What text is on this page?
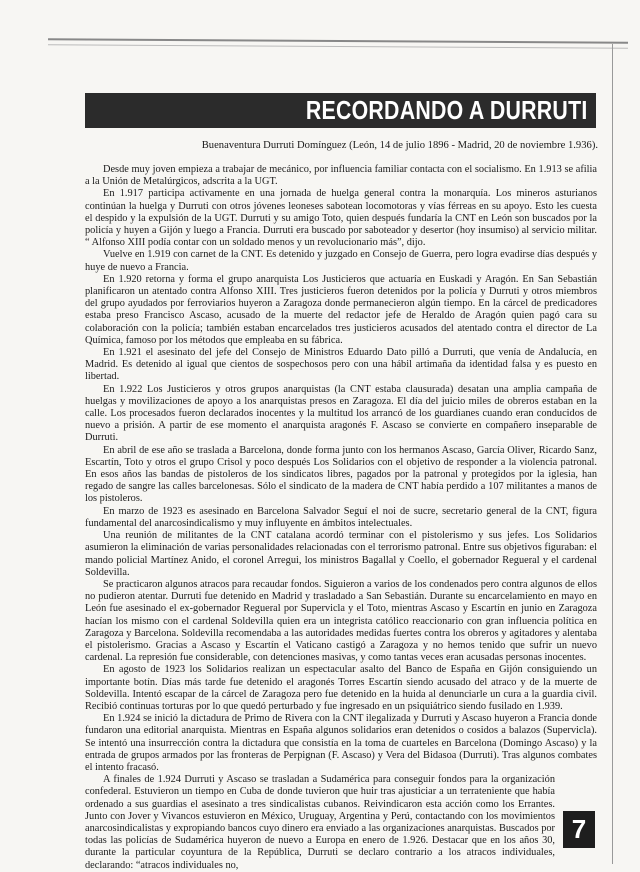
RECORDANDO A DURRUTI
Buenaventura Durruti Domínguez (León, 14 de julio 1896 - Madrid, 20 de noviembre 1.936).

Desde muy joven empieza a trabajar de mecánico, por influencia familiar contacta con el socialismo. En 1.913 se afilia a la Unión de Metalúrgicos, adscrita a la UGT.

En 1.917 participa activamente en una jornada de huelga general contra la monarquía. Los mineros asturianos continúan la huelga y Durruti con otros jóvenes leoneses sabotean locomotoras y vías férreas en su apoyo. Esto les cuesta el despido y la expulsión de la UGT. Durruti y su amigo Toto, quien después fundaría la CNT en León son buscados por la policía y huyen a Gijón y luego a Francia. Durruti era buscado por saboteador y desertor (hoy insumiso) al servicio militar. “ Alfonso XIII podía contar con un soldado menos y un revolucionario más”, dijo.

Vuelve en 1.919 con carnet de la CNT. Es detenido y juzgado en Consejo de Guerra, pero logra evadirse días después y huye de nuevo a Francia.

En 1.920 retorna y forma el grupo anarquista Los Justicieros que actuaría en Euskadi y Aragón. En San Sebastián planificaron un atentado contra Alfonso XIII. Tres justicieros fueron detenidos por la policía y Durruti y otros miembros del grupo ayudados por ferroviarios huyeron a Zaragoza donde permanecieron algún tiempo. En la cárcel de predicadores estaba preso Francisco Ascaso, acusado de la muerte del redactor jefe de Heraldo de Aragón quien pagó cara su colaboración con la policía; también estaban encarcelados tres justicieros acusados del atentado contra el director de La Química, famoso por los métodos que empleaba en su fábrica.

En 1.921 el asesinato del jefe del Consejo de Ministros Eduardo Dato pilló a Durruti, que venía de Andalucía, en Madrid. Es detenido al igual que cientos de sospechosos pero con una hábil artimaña da identidad falsa y es puesto en libertad.

En 1.922 Los Justicieros y otros grupos anarquistas (la CNT estaba clausurada) desatan una amplia campaña de huelgas y movilizaciones de apoyo a los anarquistas presos en Zaragoza. El día del juicio miles de obreros estaban en la calle. Los procesados fueron declarados inocentes y la multitud los arrancó de los guardianes cuando eran conducidos de nuevo a prisión. A partir de ese momento el anarquista aragonés F. Ascaso se convierte en compañero inseparable de Durruti.

En abril de ese año se traslada a Barcelona, donde forma junto con los hermanos Ascaso, García Oliver, Ricardo Sanz, Escartín, Toto y otros el grupo Crisol y poco después Los Solidarios con el objetivo de responder a la violencia patronal. En esos años las bandas de pistoleros de los sindicatos libres, pagados por la patronal y protegidos por la iglesia, han regado de sangre las calles barcelonesas. Sólo el sindicato de la madera de CNT había perdido a 107 militantes a manos de los pistoleros.

En marzo de 1923 es asesinado en Barcelona Salvador Seguí el noi de sucre, secretario general de la CNT, figura fundamental del anarcosindicalismo y muy influyente en ámbitos intelectuales.

Una reunión de militantes de la CNT catalana acordó terminar con el pistolerismo y sus jefes. Los Solidarios asumieron la eliminación de varias personalidades relacionadas con el terrorismo patronal. Entre sus objetivos figuraban: el mando policial Martínez Anido, el coronel Arregui, los ministros Bagallal y Coello, el gobernador Regueral y el cardenal Soldevilla.

Se practicaron algunos atracos para recaudar fondos. Siguieron a varios de los condenados pero contra algunos de ellos no pudieron atentar. Durruti fue detenido en Madrid y trasladado a San Sebastián. Durante su encarcelamiento en mayo en León fue asesinado el ex-gobernador Regueral por Supervicla y el Toto, mientras Ascaso y Escartín en junio en Zaragoza hacían los mismo con el cardenal Soldevilla quien era un integrista católico reaccionario con gran influencia política en Zaragoza y Barcelona. Soldevilla recomendaba a las autoridades medidas fuertes contra los obreros y agitadores y alentaba el pistolerismo. Gracias a Ascaso y Escartín el Vaticano castigó a Zaragoza y no hemos tenido que sufrir un nuevo cardenal. La represión fue considerable, con detenciones masivas, y como tantas veces eran acusadas personas inocentes.

En agosto de 1923 los Solidarios realizan un espectacular asalto del Banco de España en Gijón consiguiendo un importante botín. Días más tarde fue detenido el aragonés Torres Escartín siendo acusado del atraco y de la muerte de Soldevilla. Intentó escapar de la cárcel de Zaragoza pero fue detenido en la huida al denunciarle un cura a la guardia civil. Recibió continuas torturas por lo que quedó perturbado y fue ingresado en un psiquiátrico siendo fusilado en 1.939.

En 1.924 se inició la dictadura de Primo de Rivera con la CNT ilegalizada y Durruti y Ascaso huyeron a Francia donde fundaron una editorial anarquista. Mientras en España algunos solidarios eran detenidos o cosidos a balazos (Supervicla). Se intentó una insurrección contra la dictadura que consistía en la toma de cuarteles en Barcelona (Domingo Ascaso) y la entrada de grupos armados por las fronteras de Perpignan (F. Ascaso) y Vera del Bidasoa (Durruti). Tras algunos combates el intento fracasó.

A finales de 1.924 Durruti y Ascaso se trasladan a Sudamérica para conseguir fondos para la organización confederal. Estuvieron un tiempo en Cuba de donde tuvieron que huir tras ajusticiar a un terrateniente que había ordenado a sus guardias el asesinato a tres sindicalistas cubanos. Reivindicaron esta acción como los Errantes. Junto con Jover y Vivancos estuvieron en México, Uruguay, Argentina y Perú, contactando con los movimientos anarcosindicalistas y expropiando bancos cuyo dinero era enviado a las organizaciones anarquistas. Buscados por todas las policías de Sudamérica huyeron de nuevo a Europa en enero de 1.926. Destacar que en los años 30, durante la particular coyuntura de la República, Durruti se declaro contrario a los atracos individuales, declarando: “atracos individuales no,

7
